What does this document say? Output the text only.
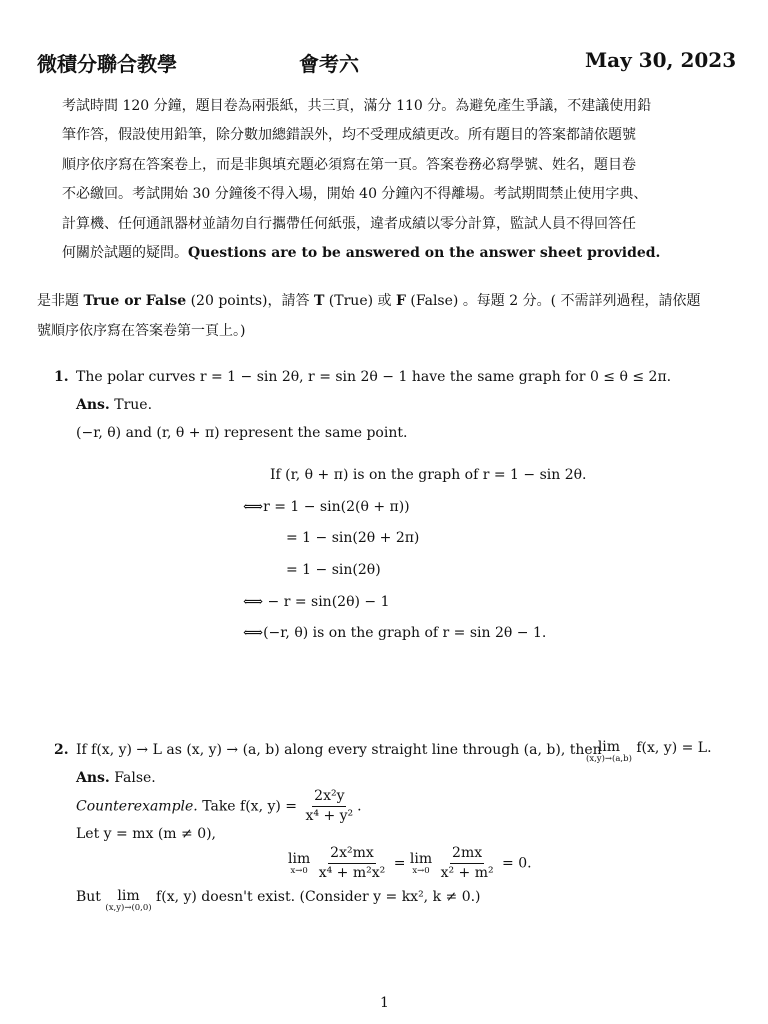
微積分聯合教學	會考六	May 30, 2023

考試時間 120 分鐘，題目卷為兩張紙，共三頁，滿分 110 分。為避免產生爭議，不建議使用鉛

筆作答，假設使用鉛筆，除分數加總錯誤外，均不受理成績更改。所有題目的答案都請依題號

順序依序寫在答案卷上，而是非與填充題必須寫在第一頁。答案卷務必寫學號、姓名，題目卷

不必繳回。考試開始 30 分鐘後不得入場，開始 40 分鐘內不得離場。考試期間禁止使用字典、

計算機、任何通訊器材並請勿自行攜帶任何紙張，違者成績以零分計算，監試人員不得回答任

何關於試題的疑問。Questions are to be answered on the answer sheet provided.

是非題 True or False (20 points)，請答 T (True) 或 F (False) 。每題 2 分。( 不需詳列過程，請依題

號順序依序寫在答案卷第一頁上。)

1. The polar curves r = 1 − sin 2θ, r = sin 2θ − 1 have the same graph for 0 ≤ θ ≤ 2π.
Ans. True.
(−r, θ) and (r, θ + π) represent the same point.
If (r, θ + π) is on the graph of r = 1 − sin 2θ.
⟺r = 1 − sin(2(θ + π))
= 1 − sin(2θ + 2π)
= 1 − sin(2θ)
⟺ − r = sin(2θ) − 1
⟺(−r, θ) is on the graph of r = sin 2θ − 1.
2. If f(x, y) → L as (x, y) → (a, b) along every straight line through (a, b), then
lim
(x,y)→(a,b)
f(x, y) = L.
Ans. False.
Counterexample. Take f(x, $y) = \frac{\text{2x²y}}{\text{x⁴ + y²}}$ .
Let y = mx (m ≠ 0),
lim
x→0
$\frac{\text{2x²mx}}{\text{x⁴ + m²x²}} = \lim$
x→0
$\frac{2mx}{\text{x² + m²}} = 0$.
But lim
(x,y)→(0,0)
f(x, y) doesn't exist. (Consider y = kx², k ≠ 0.)
1
